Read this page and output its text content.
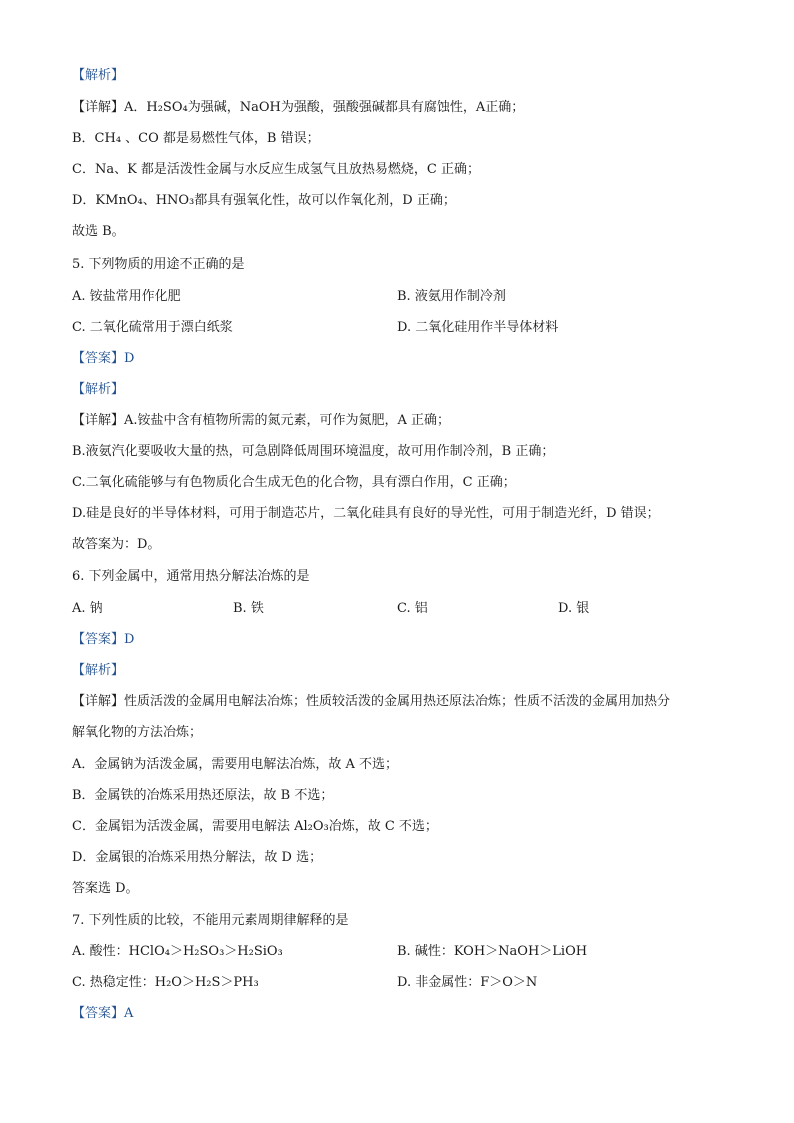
【解析】
【详解】A．H₂SO₄为强碱，NaOH为强酸，强酸强碱都具有腐蚀性，A正确；
B．CH₄ 、CO 都是易燃性气体，B 错误；
C．Na、K 都是活泼性金属与水反应生成氢气且放热易燃烧，C 正确；
D．KMnO₄、HNO₃都具有强氧化性，故可以作氧化剂，D 正确；
故选 B。
5. 下列物质的用途不正确的是
A. 铵盐常用作化肥	B. 液氨用作制冷剂
C. 二氧化硫常用于漂白纸浆	D. 二氧化硅用作半导体材料
【答案】D
【解析】
【详解】A.铵盐中含有植物所需的氮元素，可作为氮肥，A 正确；
B.液氨汽化要吸收大量的热，可急剧降低周围环境温度，故可用作制冷剂，B 正确；
C.二氧化硫能够与有色物质化合生成无色的化合物，具有漂白作用，C 正确；
D.硅是良好的半导体材料，可用于制造芯片，二氧化硅具有良好的导光性，可用于制造光纤，D 错误；
故答案为：D。
6. 下列金属中，通常用热分解法冶炼的是
A. 钠	B. 铁	C. 铝	D. 银
【答案】D
【解析】
【详解】性质活泼的金属用电解法冶炼；性质较活泼的金属用热还原法冶炼；性质不活泼的金属用加热分
解氧化物的方法冶炼；
A．金属钠为活泼金属，需要用电解法冶炼，故 A 不选；
B．金属铁的冶炼采用热还原法，故 B 不选；
C．金属铝为活泼金属，需要用电解法 Al₂O₃冶炼，故 C 不选；
D．金属银的冶炼采用热分解法，故 D 选；
答案选 D。
7. 下列性质的比较，不能用元素周期律解释的是
A. 酸性：HClO₄＞H₂SO₃＞H₂SiO₃	B. 碱性：KOH＞NaOH＞LiOH
C. 热稳定性：H₂O＞H₂S＞PH₃	D. 非金属性：F＞O＞N
【答案】A
